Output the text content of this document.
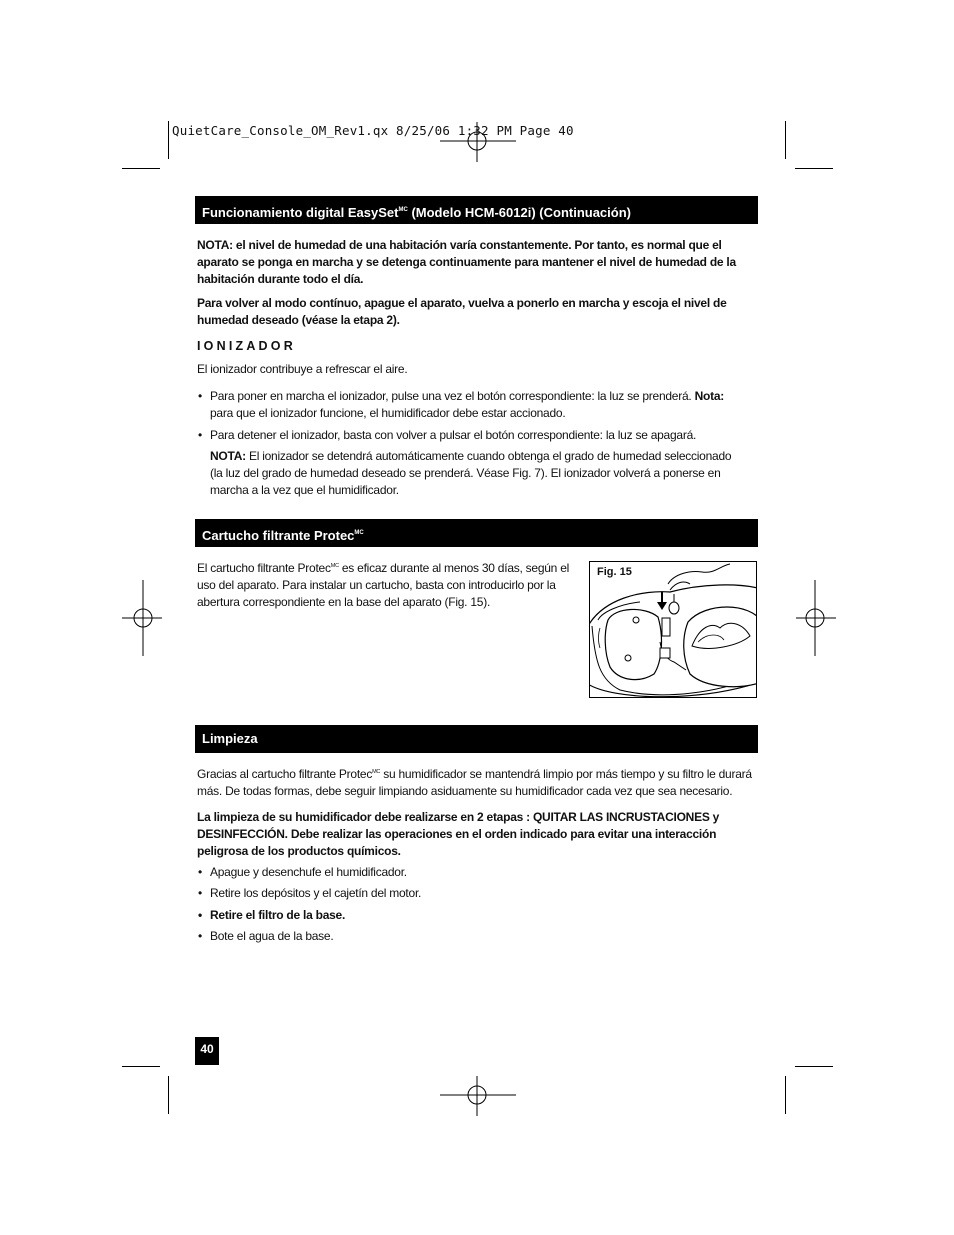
QuietCare_Console_OM_Rev1.qx 8/25/06 1:32 PM Page 40
Funcionamiento digital EasySet$^{MC}$ (Modelo HCM-6012i) (Continuación)
NOTA: el nivel de humedad de una habitación varía constantemente. Por tanto, es normal que el aparato se ponga en marcha y se detenga continuamente para mantener el nivel de humedad de la habitación durante todo el día.
Para volver al modo contínuo, apague el aparato, vuelva a ponerlo en marcha y escoja el nivel de humedad deseado (véase la etapa 2).
IONIZADOR
El ionizador contribuye a refrescar el aire.
• Para poner en marcha el ionizador, pulse una vez el botón correspondiente: la luz se prenderá. Nota: para que el ionizador funcione, el humidificador debe estar accionado.
• Para detener el ionizador, basta con volver a pulsar el botón correspondiente: la luz se apagará.
NOTA: El ionizador se detendrá automáticamente cuando obtenga el grado de humedad seleccionado (la luz del grado de humedad deseado se prenderá. Véase Fig. 7). El ionizador volverá a ponerse en marcha a la vez que el humidificador.
Cartucho filtrante Protec$^{MC}$
El cartucho filtrante Protec$^{MC}$ es eficaz durante al menos 30 días, según el uso del aparato. Para instalar un cartucho, basta con introducirlo por la abertura correspondiente en la base del aparato (Fig. 15).
Fig. 15
Limpieza
Gracias al cartucho filtrante Protec$^{MC}$ su humidificador se mantendrá limpio por más tiempo y su filtro le durará más. De todas formas, debe seguir limpiando asiduamente su humidificador cada vez que sea necesario.
La limpieza de su humidificador debe realizarse en 2 etapas : QUITAR LAS INCRUSTACIONES y DESINFECCIÓN. Debe realizar las operaciones en el orden indicado para evitar una interacción peligrosa de los productos químicos.
• Apague y desenchufe el humidificador.
• Retire los depósitos y el cajetín del motor.
• Retire el filtro de la base.
• Bote el agua de la base.
40
